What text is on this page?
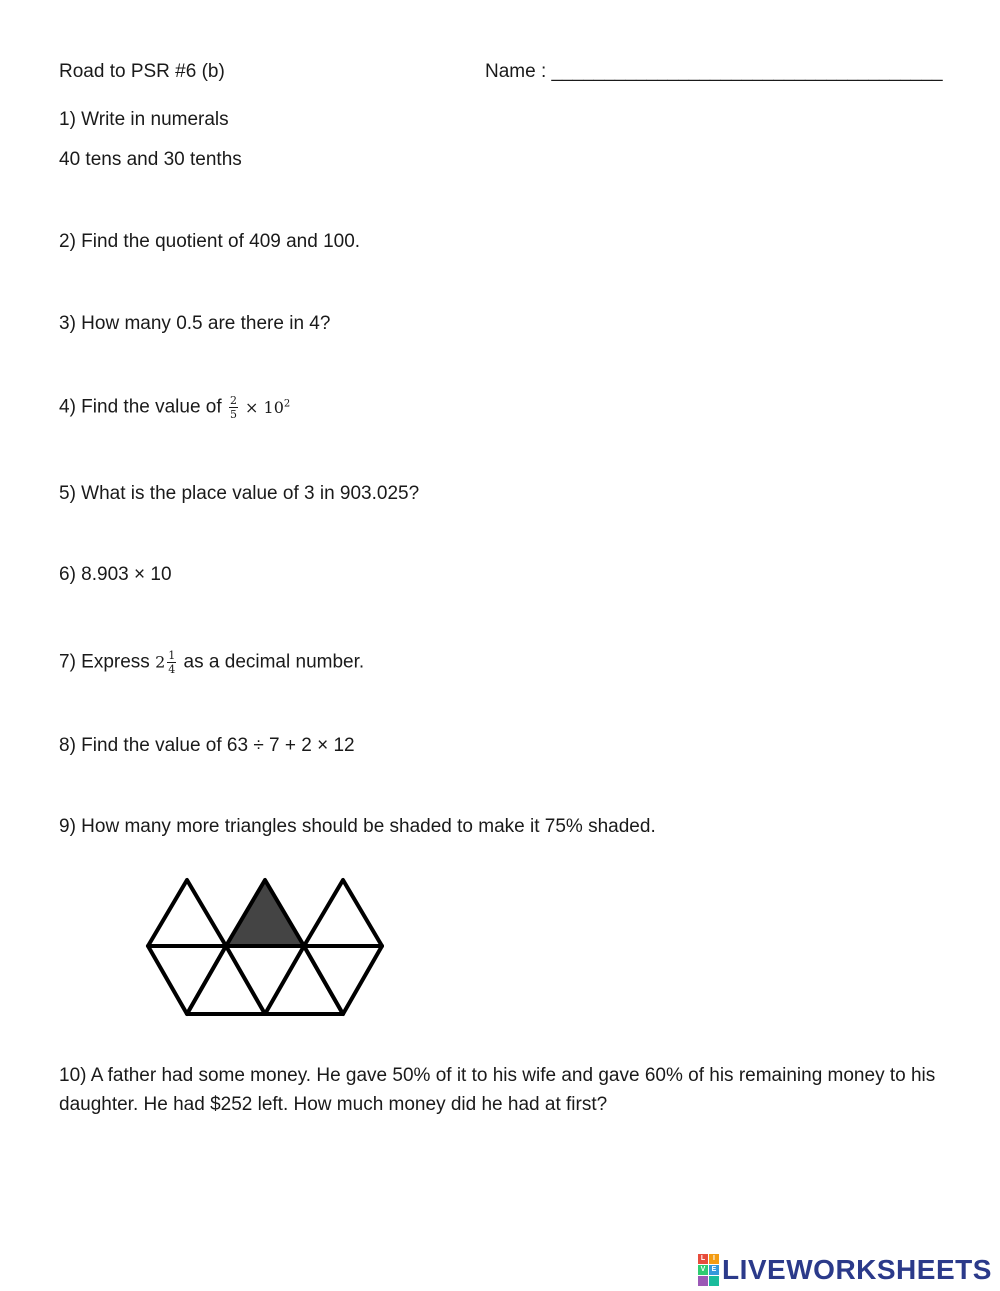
Road to PSR #6 (b)	Name : _____________________________________
1) Write in numerals
40 tens and 30 tenths
2) Find the quotient of 409 and 100.
3) How many 0.5 are there in 4?
4) Find the value of $\frac{2}{5} \times 10^2$
5) What is the place value of 3 in 903.025?
6) 8.903 × 10
7) Express $2 \frac{1}{4}$ as a decimal number.
8) Find the value of 63 ÷ 7 + 2 × 12
9) How many more triangles should be shaded to make it 75% shaded.
10) A father had some money. He gave 50% of it to his wife and gave 60% of his remaining money to his daughter. He had $252 left. How much money did he had at first?
L	I
V E LIVEWORKSHEETS
